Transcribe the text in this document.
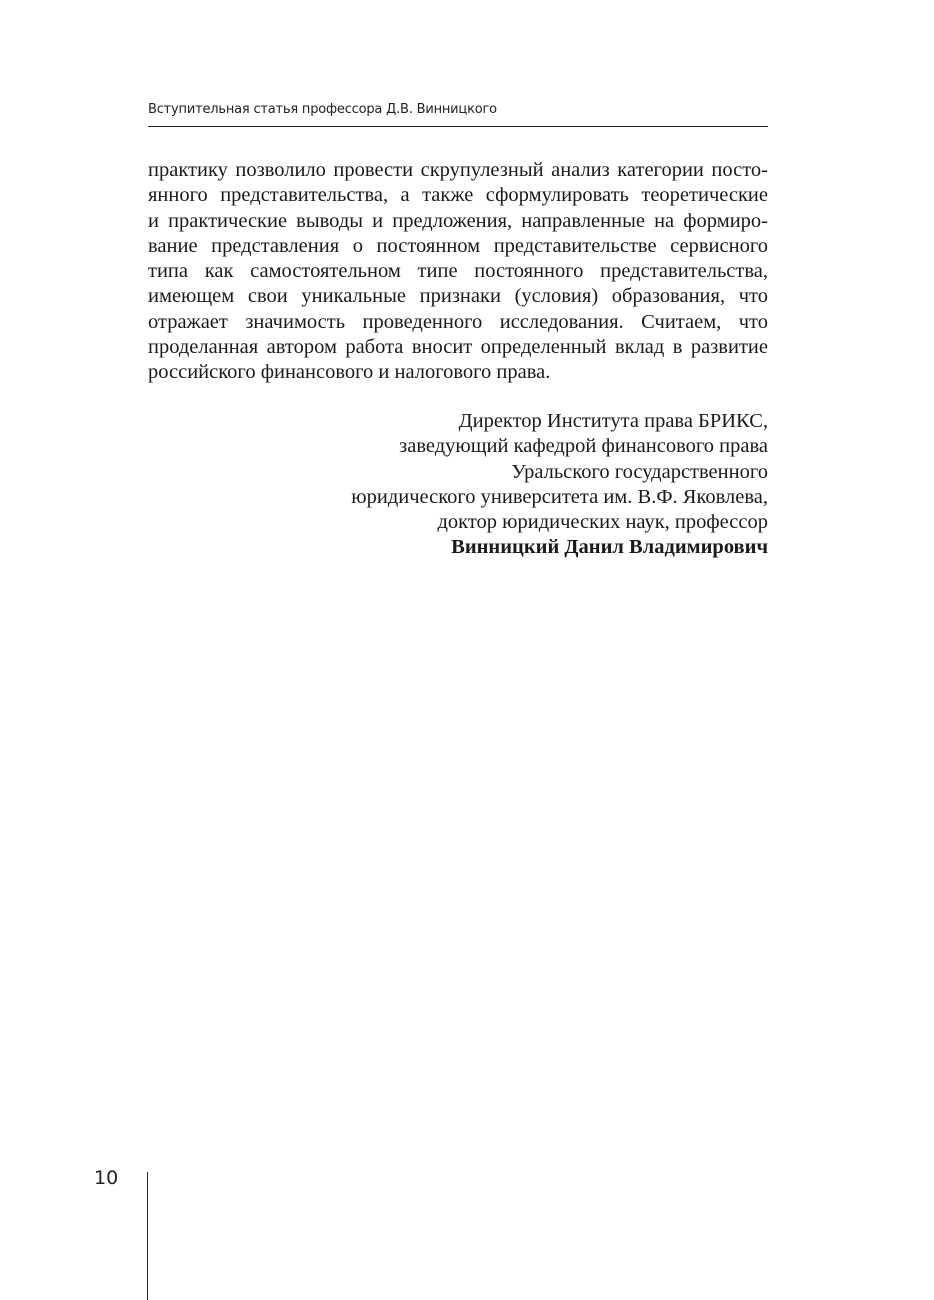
Вступительная статья профессора Д.В. Винницкого
практику позволило провести скрупулезный анализ категории посто-
янного представительства, а также сформулировать теоретические
и практические выводы и предложения, направленные на формиро-
вание представления о постоянном представительстве сервисного
типа как самостоятельном типе постоянного представительства,
имеющем свои уникальные признаки (условия) образования, что
отражает значимость проведенного исследования. Считаем, что
проделанная автором работа вносит определенный вклад в развитие
российского финансового и налогового права.
Директор Института права БРИКС,
заведующий кафедрой финансового права
Уральского государственного
юридического университета им. В.Ф. Яковлева,
доктор юридических наук, профессор
Винницкий Данил Владимирович
10
